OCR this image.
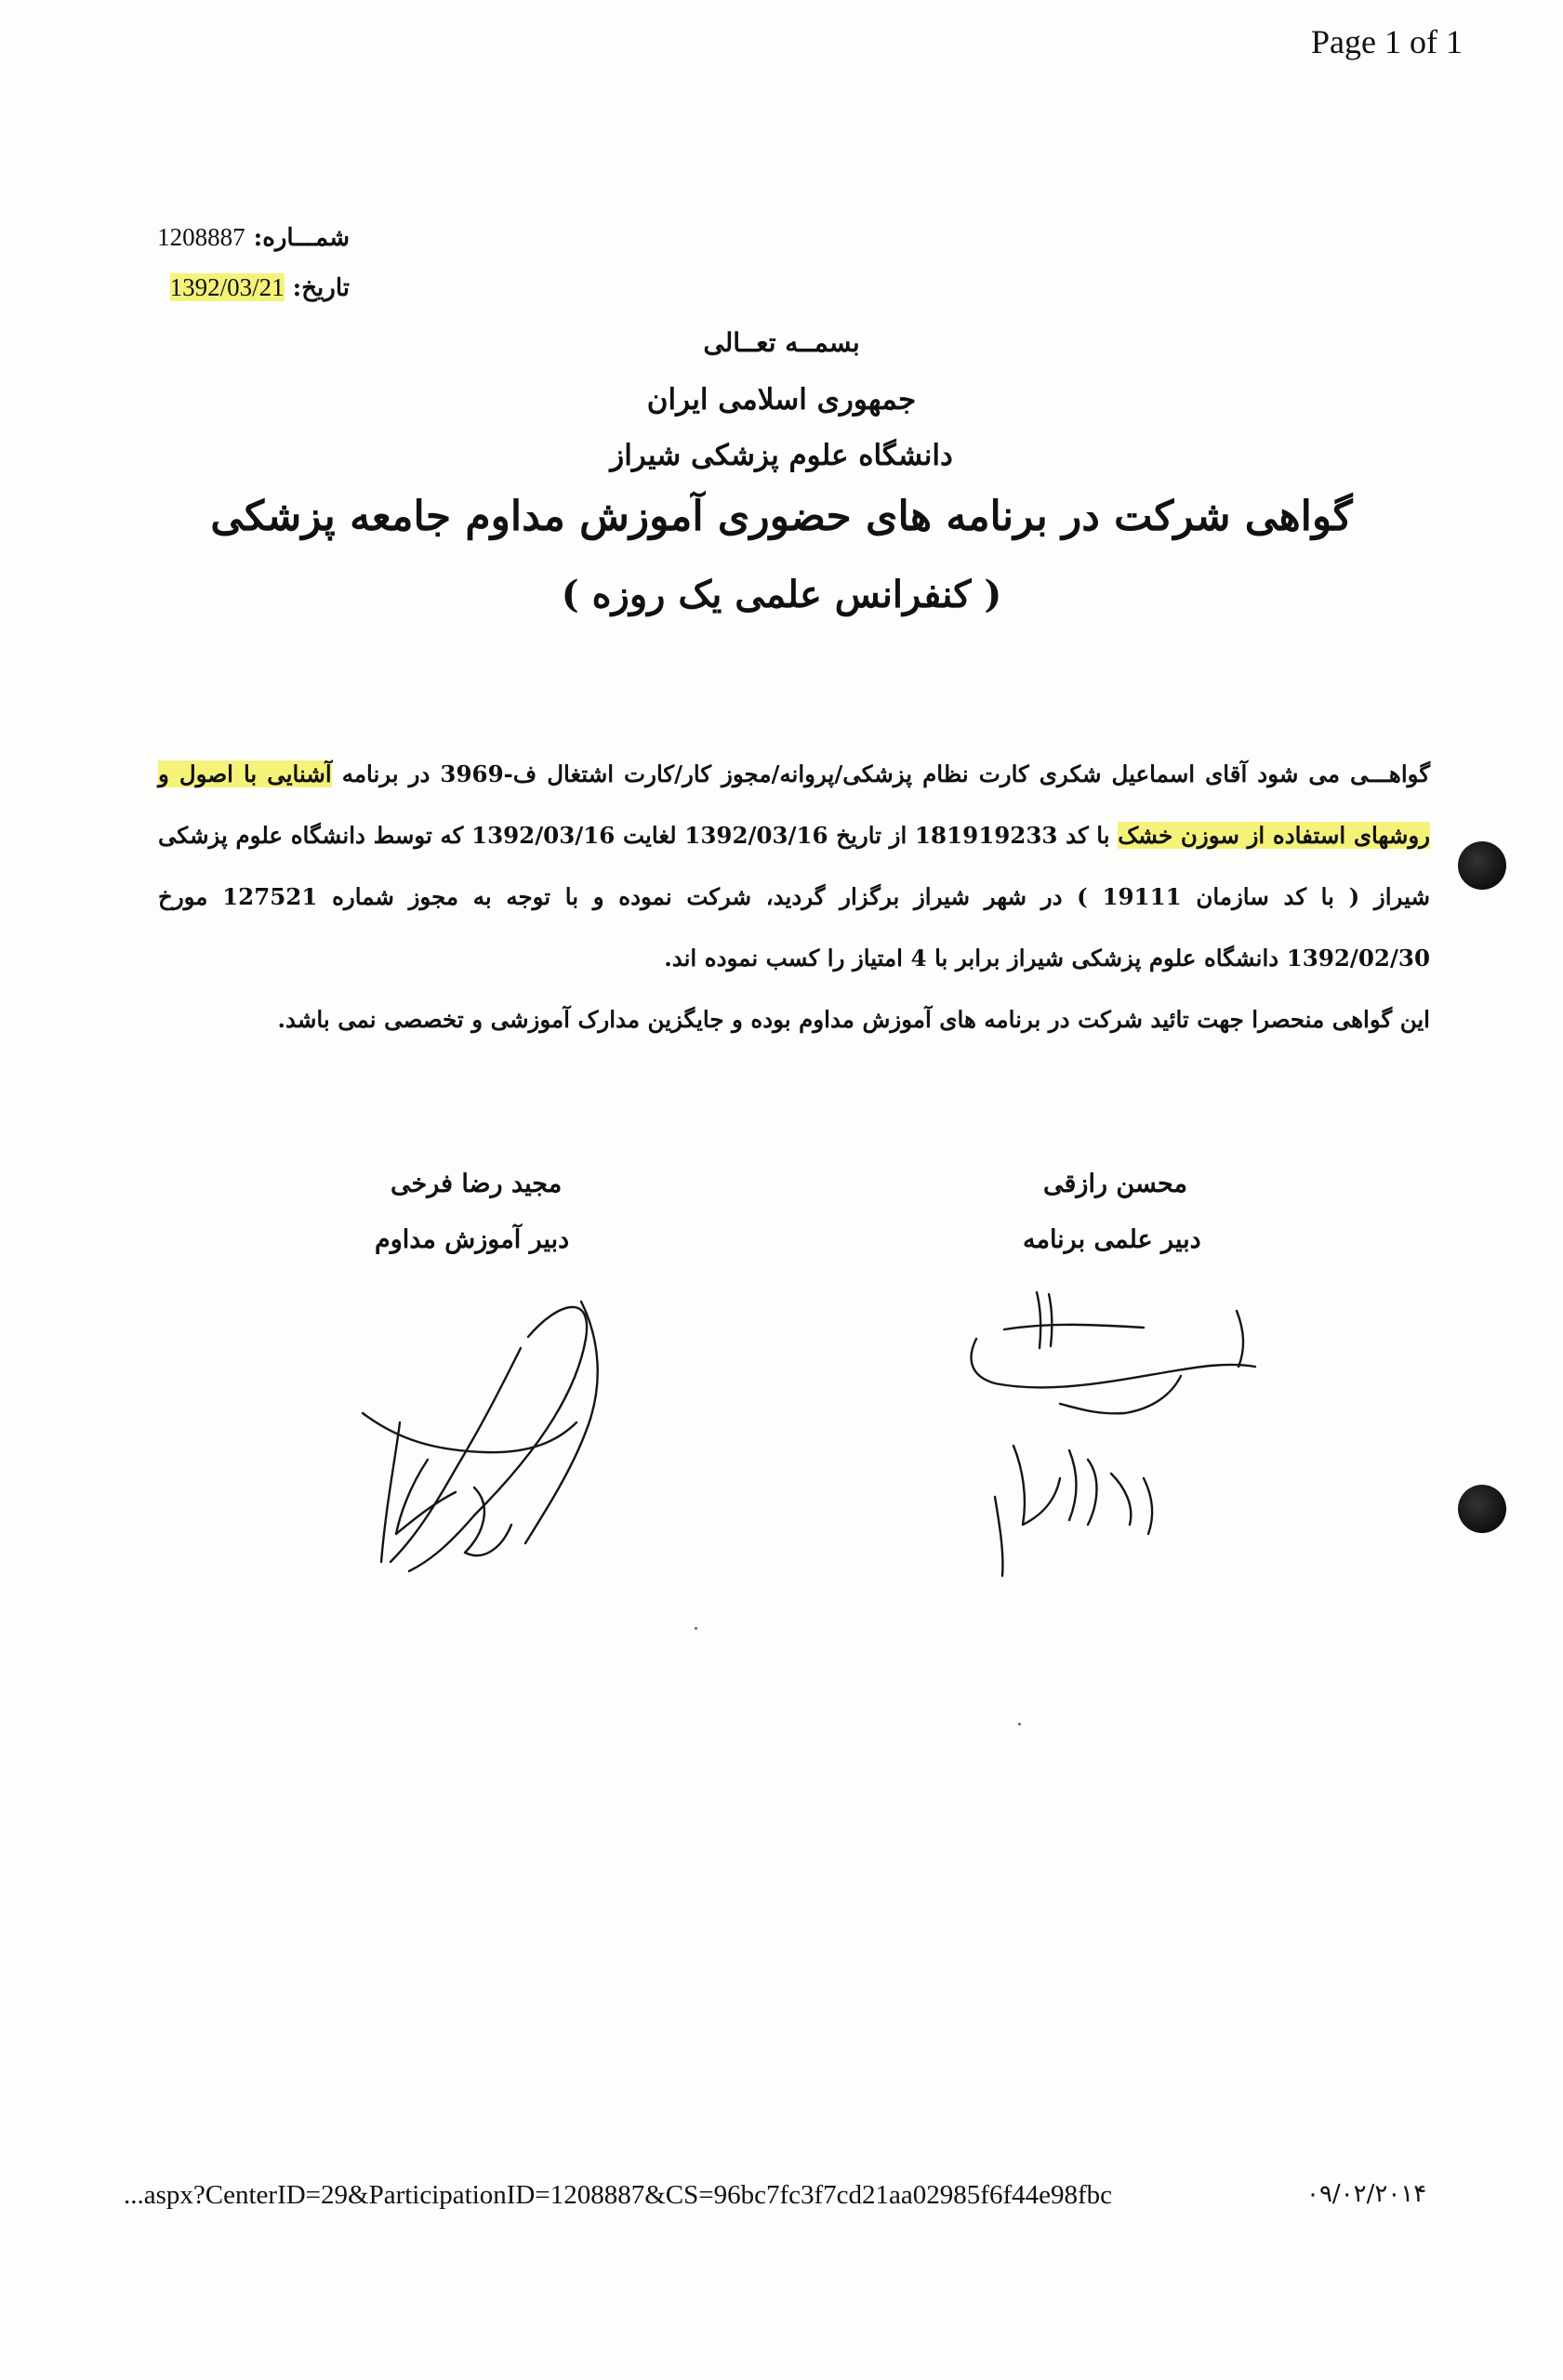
Page 1 of 1
شمـــاره: 1208887
تاریخ: 1392/03/21
بسمــه تعــالی
جمهوری اسلامی ایران
دانشگاه علوم پزشکی شیراز
گواهی شرکت در برنامه های حضوری آموزش مداوم جامعه پزشکی
( کنفرانس علمی یک روزه )

گواهـــی می شود آقای اسماعیل شکری کارت نظام پزشکی/پروانه/مجوز کار/کارت اشتغال ف-3969 در برنامه آشنایی با اصول و روشهای استفاده از سوزن خشک با کد 181919233 از تاریخ 1392/03/16 لغایت 1392/03/16 که توسط دانشگاه علوم پزشکی شیراز ( با کد سازمان 19111 ) در شهر شیراز برگزار گردید، شرکت نموده و با توجه به مجوز شماره 127521 مورخ 1392/02/30 دانشگاه علوم پزشکی شیراز برابر با 4 امتیاز را کسب نموده اند.

این گواهی منحصرا جهت تائید شرکت در برنامه های آموزش مداوم بوده و جایگزین مدارک آموزشی و تخصصی نمی باشد.

مجید رضا فرخی
دبیر آموزش مداوم
محسن رازقی
دبیر علمی برنامه
...aspx?CenterID=29&ParticipationID=1208887&CS=96bc7fc3f7cd21aa02985f6f44e98fbc	۰۹/۰۲/۲۰۱۴
